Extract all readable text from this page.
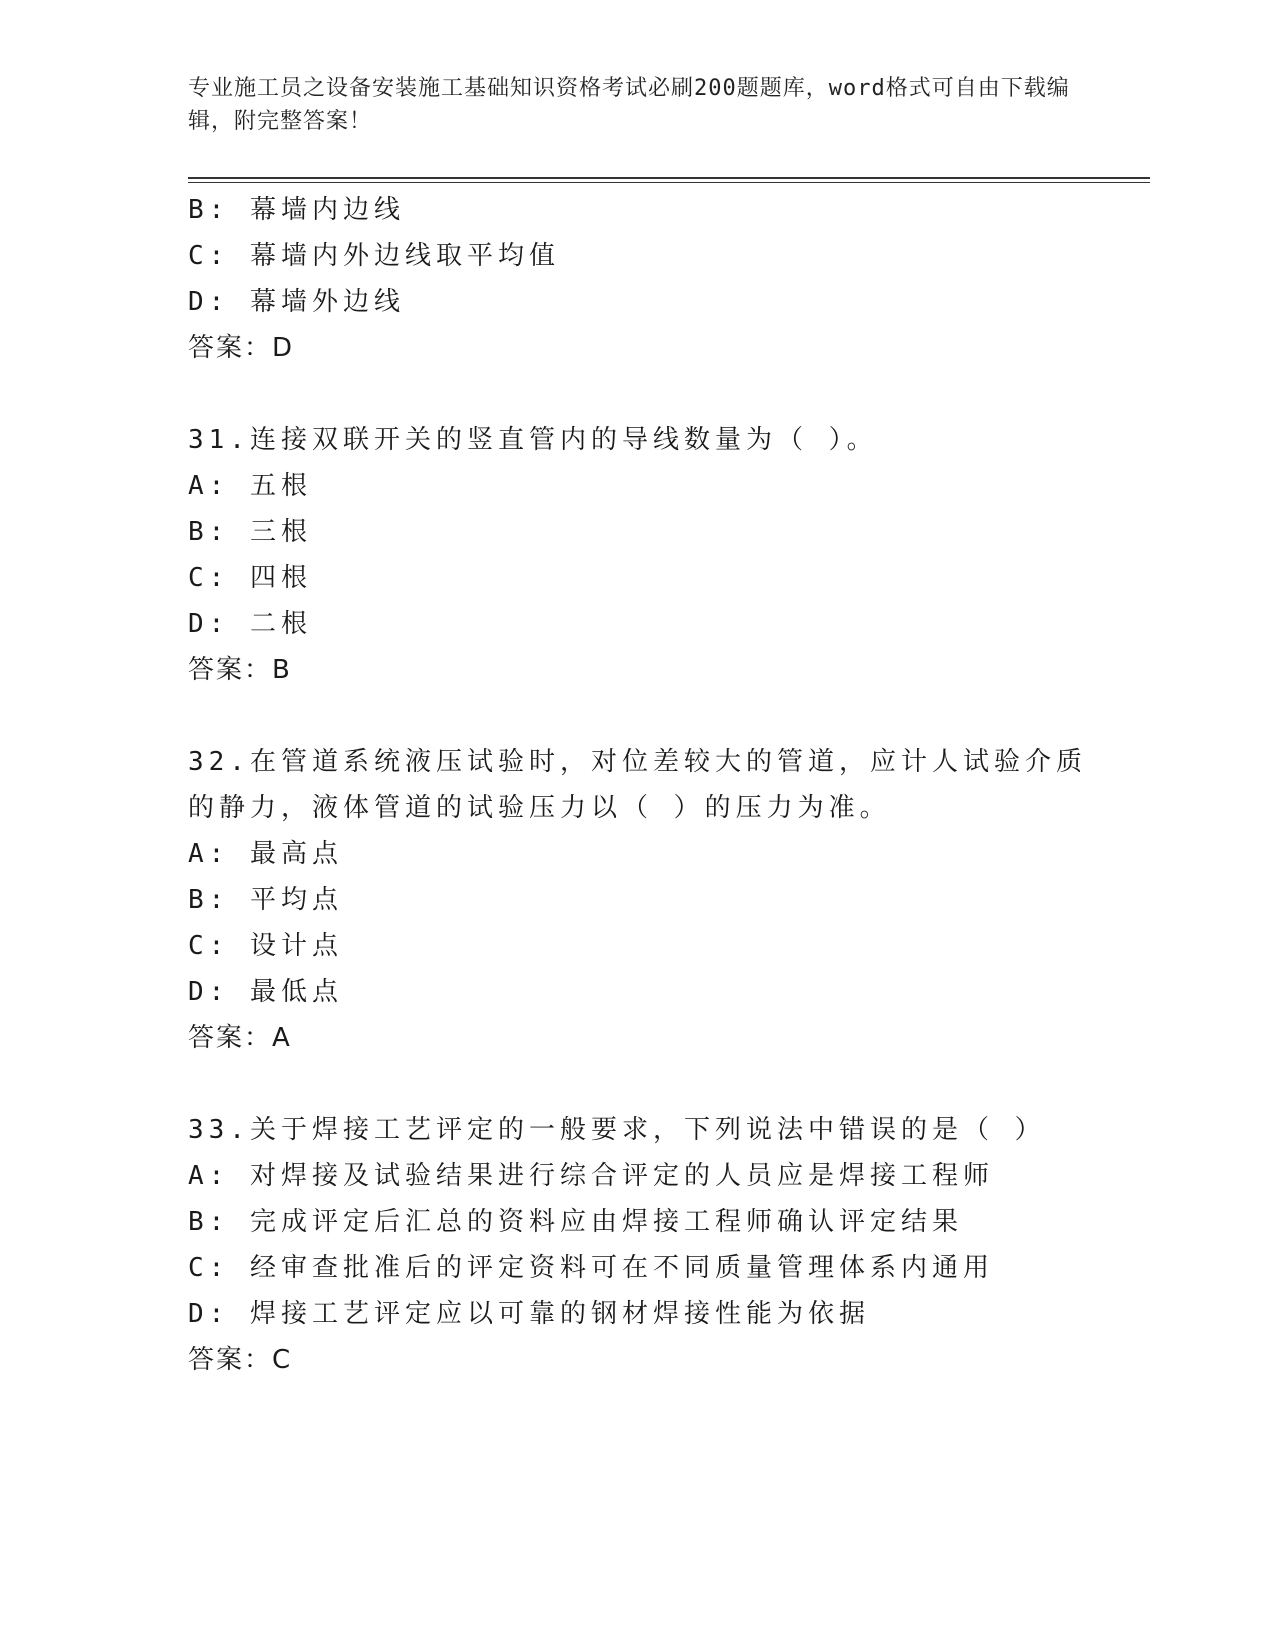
专业施工员之设备安装施工基础知识资格考试必刷200题题库，word格式可自由下载编辑，附完整答案！
B: 幕墙内边线
C: 幕墙内外边线取平均值
D: 幕墙外边线
答案：D
31.连接双联开关的竖直管内的导线数量为（ ）。
A: 五根
B: 三根
C: 四根
D: 二根
答案：B
32.在管道系统液压试验时，对位差较大的管道，应计人试验介质的静力，液体管道的试验压力以（ ）的压力为准。
A: 最高点
B: 平均点
C: 设计点
D: 最低点
答案：A
33.关于焊接工艺评定的一般要求，下列说法中错误的是（ ）
A: 对焊接及试验结果进行综合评定的人员应是焊接工程师
B: 完成评定后汇总的资料应由焊接工程师确认评定结果
C: 经审查批准后的评定资料可在不同质量管理体系内通用
D: 焊接工艺评定应以可靠的钢材焊接性能为依据
答案：C
